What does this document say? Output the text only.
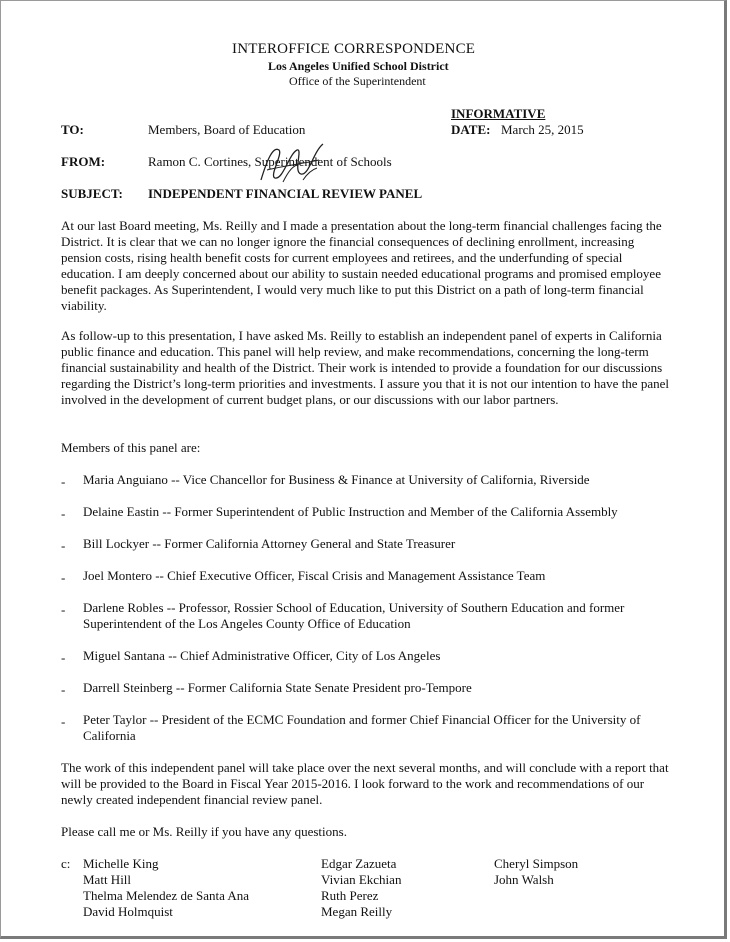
INTEROFFICE CORRESPONDENCE
Los Angeles Unified School District
Office of the Superintendent
INFORMATIVE
TO:	Members, Board of Education	DATE: March 25, 2015
FROM:	Ramon C. Cortines, Superintendent of Schools
SUBJECT: INDEPENDENT FINANCIAL REVIEW PANEL
At our last Board meeting, Ms. Reilly and I made a presentation about the long-term financial challenges facing the District. It is clear that we can no longer ignore the financial consequences of declining enrollment, increasing pension costs, rising health benefit costs for current employees and retirees, and the underfunding of special education. I am deeply concerned about our ability to sustain needed educational programs and promised employee benefit packages. As Superintendent, I would very much like to put this District on a path of long-term financial viability.
As follow-up to this presentation, I have asked Ms. Reilly to establish an independent panel of experts in California public finance and education. This panel will help review, and make recommendations, concerning the long-term financial sustainability and health of the District. Their work is intended to provide a foundation for our discussions regarding the District’s long-term priorities and investments. I assure you that it is not our intention to have the panel involved in the development of current budget plans, or our discussions with our labor partners.
Members of this panel are:
- Maria Anguiano -- Vice Chancellor for Business & Finance at University of California, Riverside
- Delaine Eastin -- Former Superintendent of Public Instruction and Member of the California Assembly
- Bill Lockyer -- Former California Attorney General and State Treasurer
- Joel Montero -- Chief Executive Officer, Fiscal Crisis and Management Assistance Team
- Darlene Robles -- Professor, Rossier School of Education, University of Southern Education and former Superintendent of the Los Angeles County Office of Education
- Miguel Santana -- Chief Administrative Officer, City of Los Angeles
- Darrell Steinberg -- Former California State Senate President pro-Tempore
- Peter Taylor -- President of the ECMC Foundation and former Chief Financial Officer for the University of California
The work of this independent panel will take place over the next several months, and will conclude with a report that will be provided to the Board in Fiscal Year 2015-2016. I look forward to the work and recommendations of our newly created independent financial review panel.
Please call me or Ms. Reilly if you have any questions.
c: Michelle King
Matt Hill
Thelma Melendez de Santa Ana
David Holmquist
Edgar Zazueta
Vivian Ekchian
Ruth Perez
Megan Reilly
Cheryl Simpson
John Walsh
